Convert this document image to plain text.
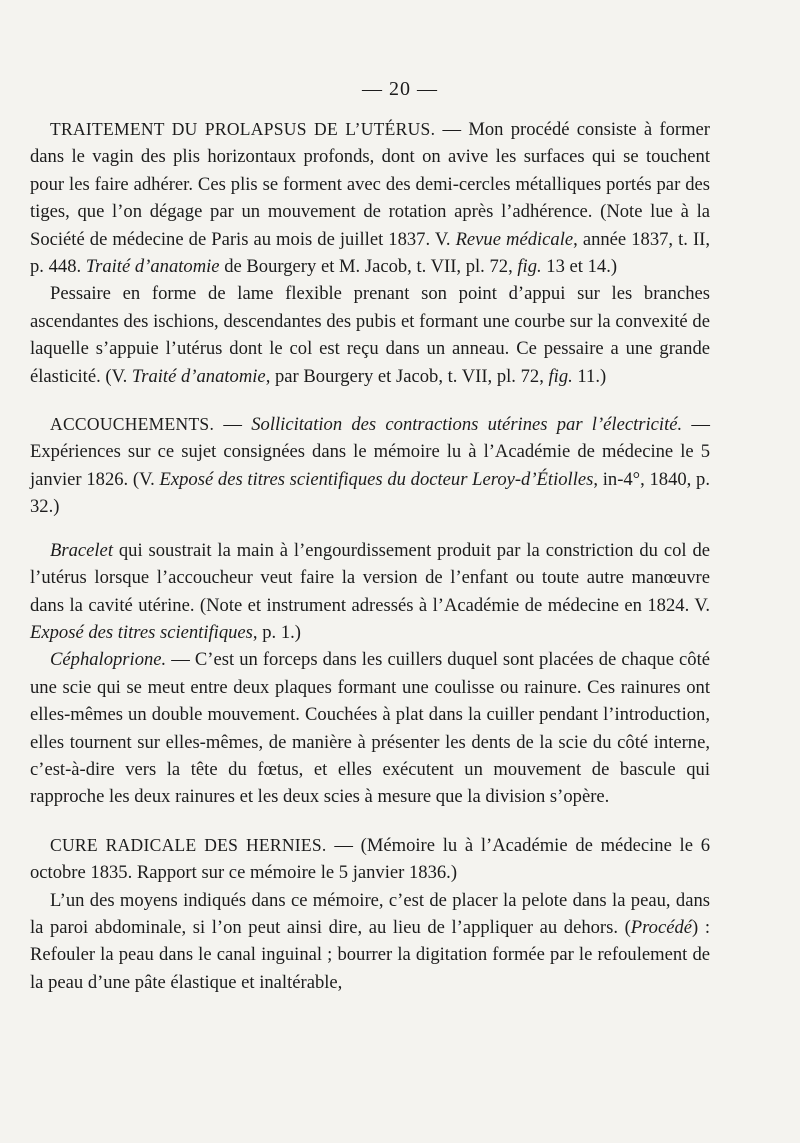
— 20 —

TRAITEMENT DU PROLAPSUS DE L’UTÉRUS. — Mon procédé consiste à former dans le vagin des plis horizontaux profonds, dont on avive les surfaces qui se touchent pour les faire adhérer. Ces plis se forment avec des demi-cercles métalliques portés par des tiges, que l’on dégage par un mouvement de rotation après l’adhérence. (Note lue à la Société de médecine de Paris au mois de juillet 1837. V. Revue médicale, année 1837, t. II, p. 448. Traité d’anatomie de Bourgery et M. Jacob, t. VII, pl. 72, fig. 13 et 14.)

Pessaire en forme de lame flexible prenant son point d’appui sur les branches ascendantes des ischions, descendantes des pubis et formant une courbe sur la convexité de laquelle s’appuie l’utérus dont le col est reçu dans un anneau. Ce pessaire a une grande élasticité. (V. Traité d’anatomie, par Bourgery et Jacob, t. VII, pl. 72, fig. 11.)

ACCOUCHEMENTS. — Sollicitation des contractions utérines par l’électricité. — Expériences sur ce sujet consignées dans le mémoire lu à l’Académie de médecine le 5 janvier 1826. (V. Exposé des titres scientifiques du docteur Leroy-d’Étiolles, in-4°, 1840, p. 32.)

Bracelet qui soustrait la main à l’engourdissement produit par la constriction du col de l’utérus lorsque l’accoucheur veut faire la version de l’enfant ou toute autre manœuvre dans la cavité utérine. (Note et instrument adressés à l’Académie de médecine en 1824. V. Exposé des titres scientifiques, p. 1.)

Céphaloprione. — C’est un forceps dans les cuillers duquel sont placées de chaque côté une scie qui se meut entre deux plaques formant une coulisse ou rainure. Ces rainures ont elles-mêmes un double mouvement. Couchées à plat dans la cuiller pendant l’introduction, elles tournent sur elles-mêmes, de manière à présenter les dents de la scie du côté interne, c’est-à-dire vers la tête du fœtus, et elles exécutent un mouvement de bascule qui rapproche les deux rainures et les deux scies à mesure que la division s’opère.

CURE RADICALE DES HERNIES. — (Mémoire lu à l’Académie de médecine le 6 octobre 1835. Rapport sur ce mémoire le 5 janvier 1836.)

L’un des moyens indiqués dans ce mémoire, c’est de placer la pelote dans la peau, dans la paroi abdominale, si l’on peut ainsi dire, au lieu de l’appliquer au dehors. (Procédé) : Refouler la peau dans le canal inguinal ; bourrer la digitation formée par le refoulement de la peau d’une pâte élastique et inaltérable,
